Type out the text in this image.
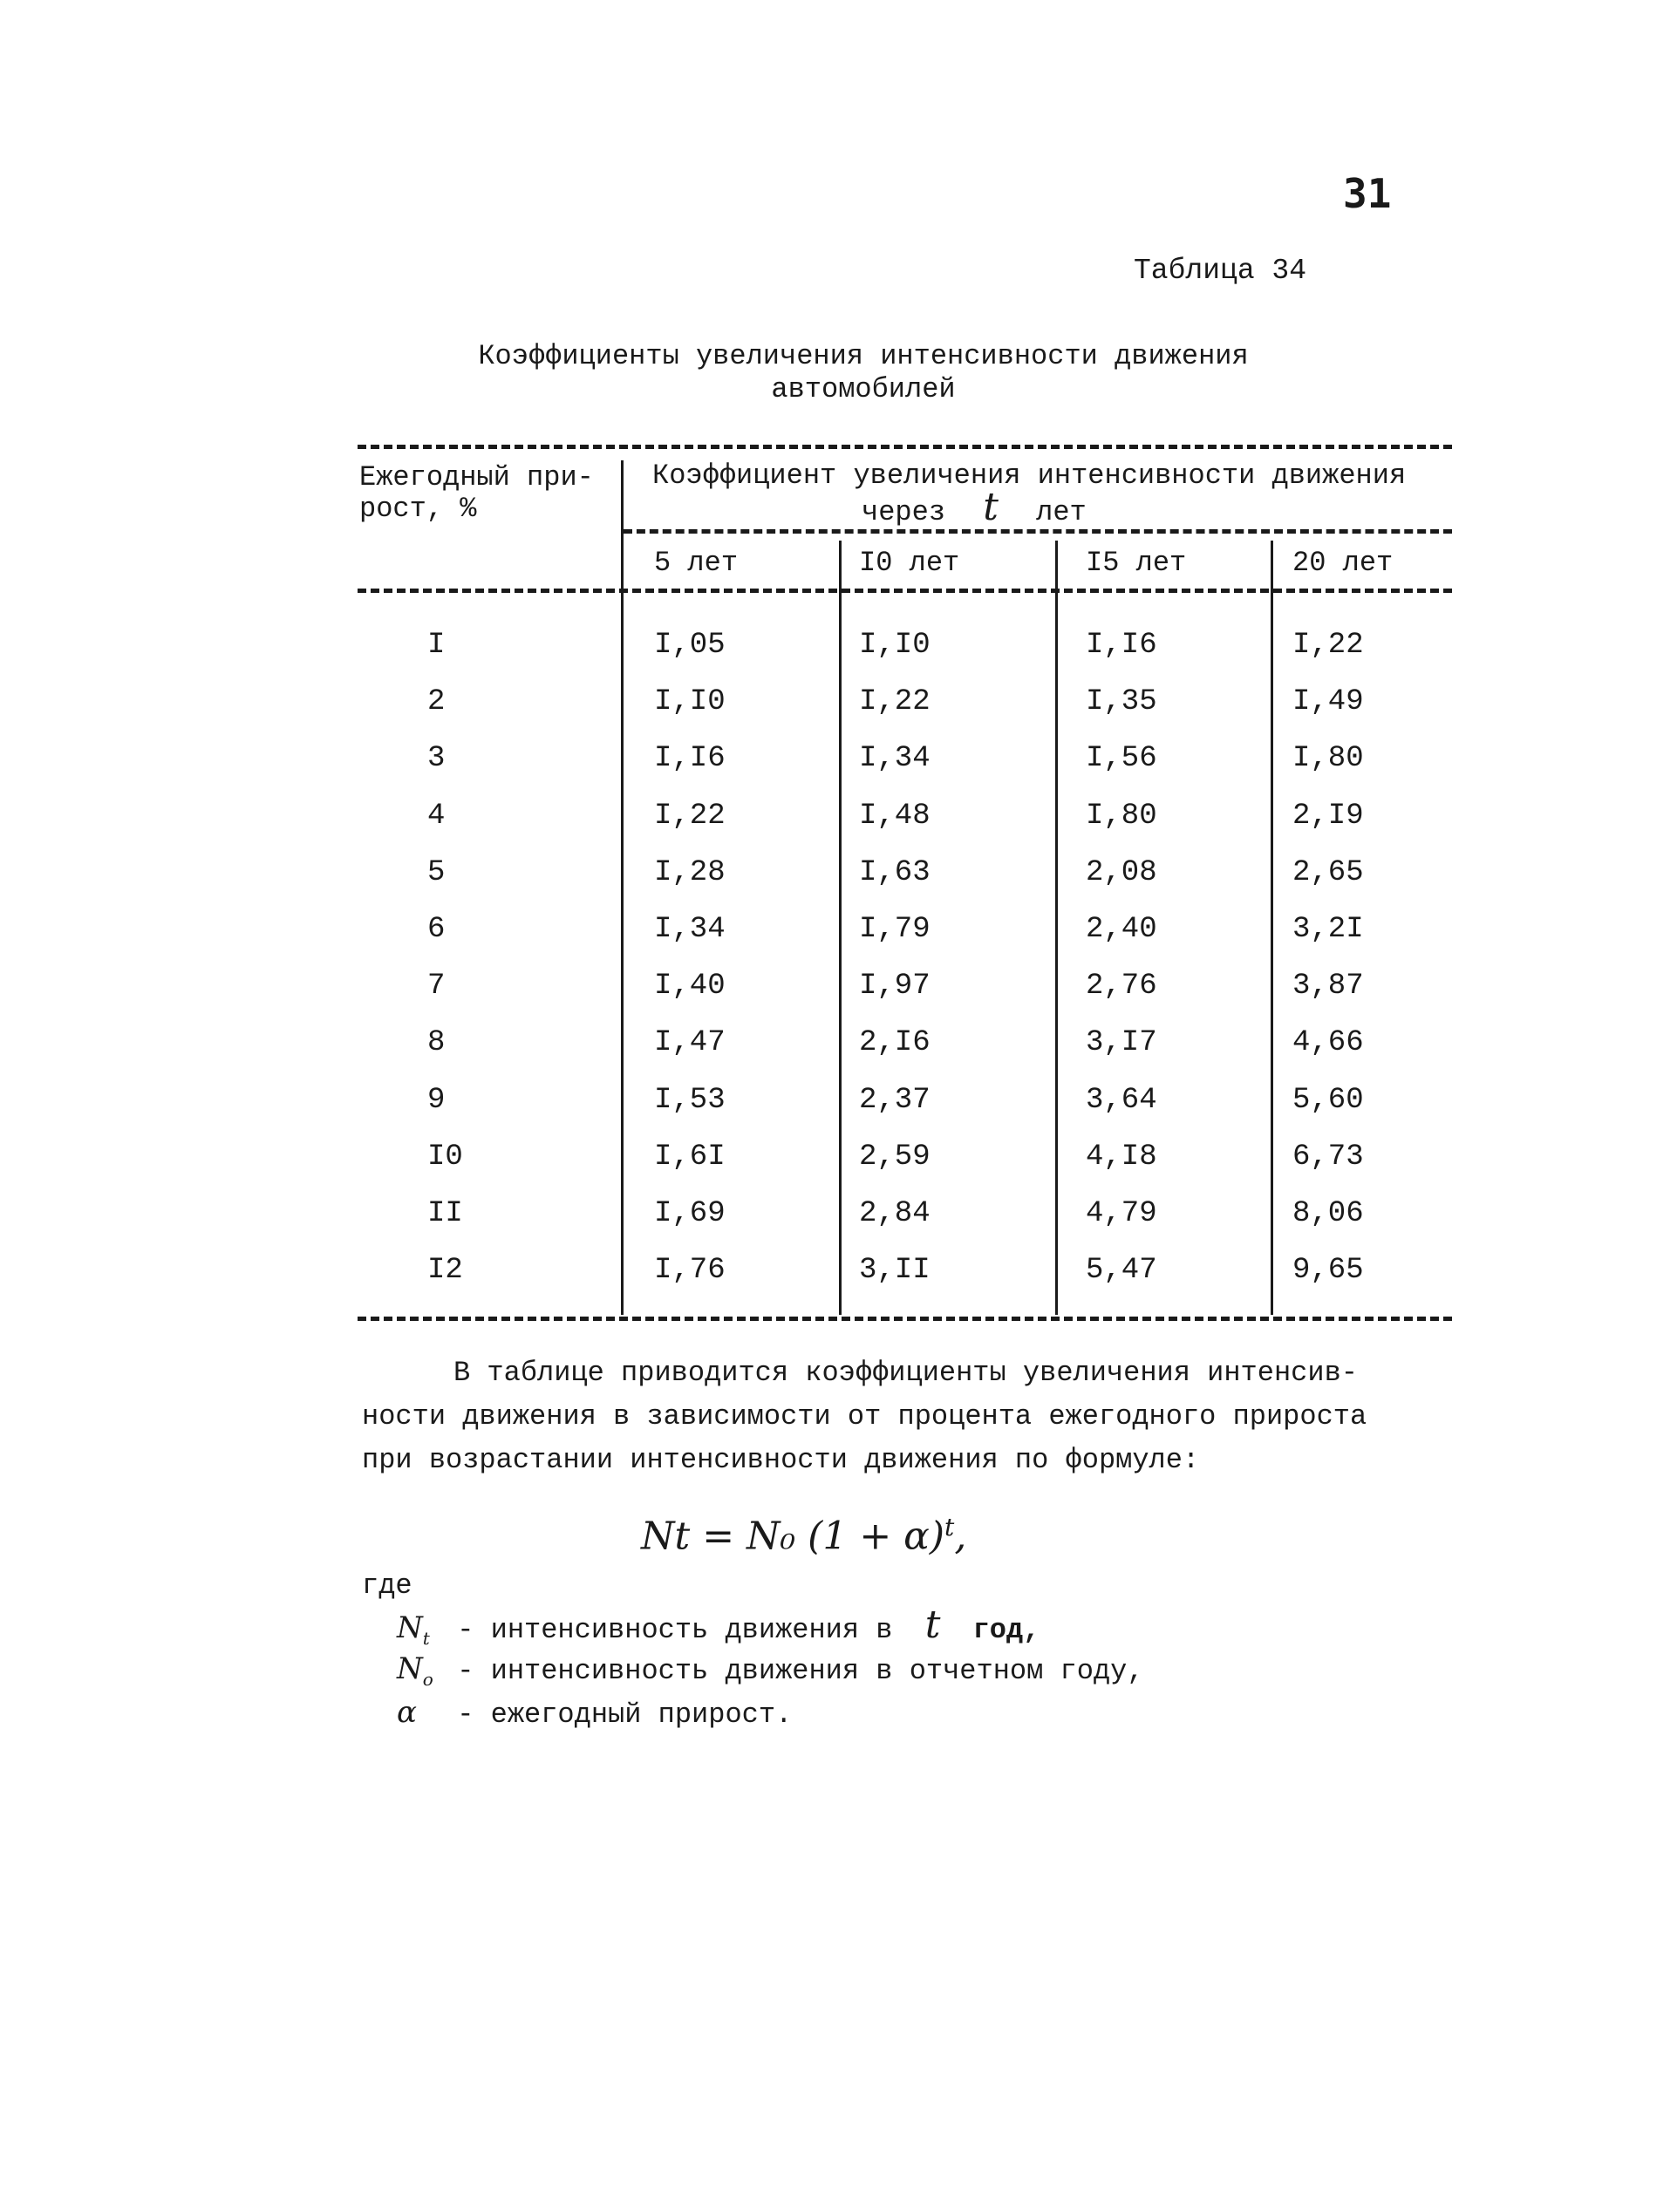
31
Таблица 34
Коэффициенты увеличения интенсивности движения
автомобилей
Ежегодный при-
рост, %
Коэффициент увеличения интенсивности движения
через t лет
5 лет	I0 лет	I5 лет	20 лет
I	I,05	I,I0	I,I6	I,22
2	I,I0	I,22	I,35	I,49
3	I,I6	I,34	I,56	I,80
4	I,22	I,48	I,80	2,I9
5	I,28	I,63	2,08	2,65
6	I,34	I,79	2,40	3,2I
7	I,40	I,97	2,76	3,87
8	I,47	2,I6	3,I7	4,66
9	I,53	2,37	3,64	5,60
I0	I,6I	2,59	4,I8	6,73
II	I,69	2,84	4,79	8,06
I2	I,76	3,II	5,47	9,65
В таблице приводится коэффициенты увеличения интенсив-
ности движения в зависимости от процента ежегодного прироста
при возрастании интенсивности движения по формуле:
Nt = N₀ $(1 + \alpha)^t$,
где
$N_t$ - интенсивность движения в t год,
$N_o$ - интенсивность движения в отчетном году,
α - ежегодный прирост.
